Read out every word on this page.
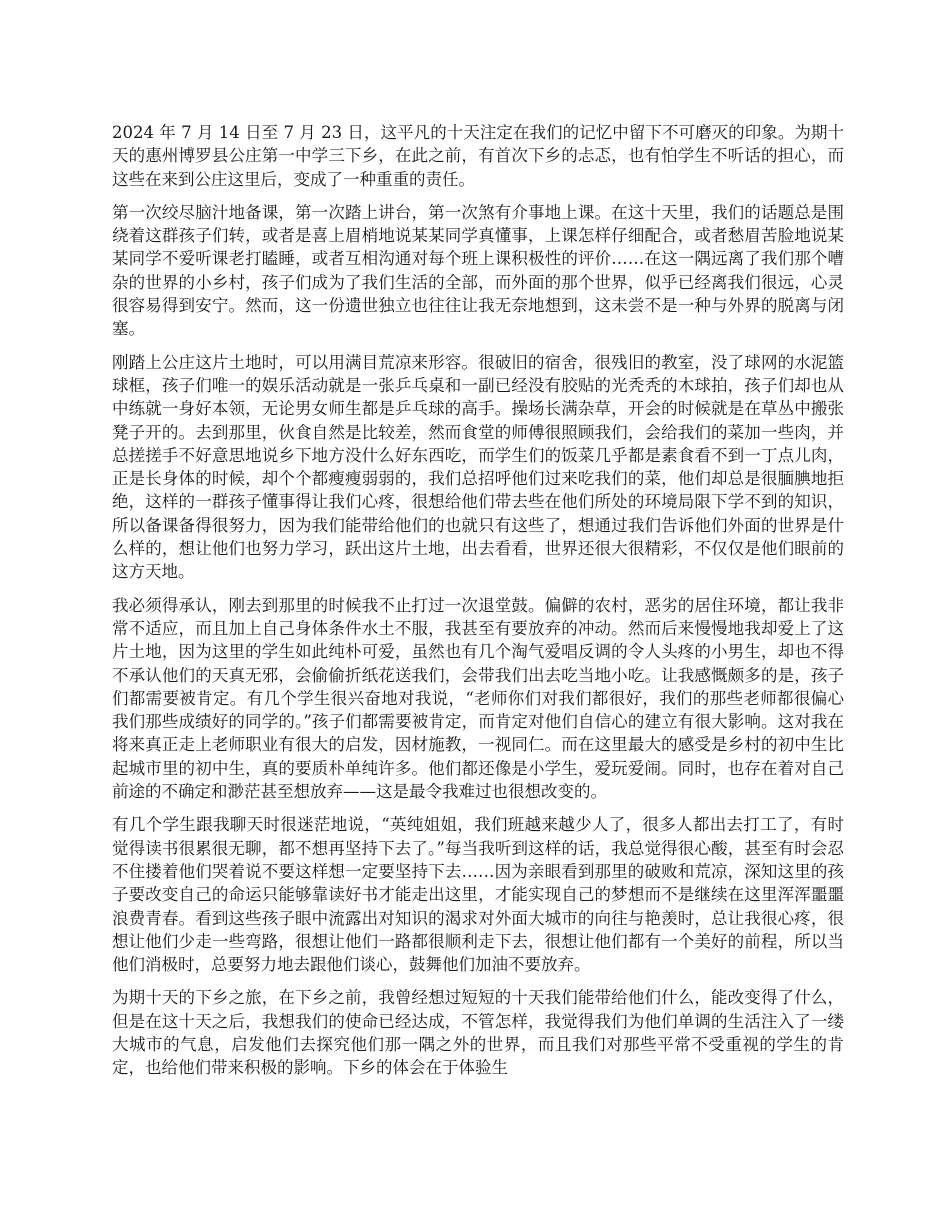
2024 年 7 月 14 日至 7 月 23 日，这平凡的十天注定在我们的记忆中留下不可磨灭的印象。为期十天的惠州博罗县公庄第一中学三下乡，在此之前，有首次下乡的忐忑，也有怕学生不听话的担心，而这些在来到公庄这里后，变成了一种重重的责任。

第一次绞尽脑汁地备课，第一次踏上讲台，第一次煞有介事地上课。在这十天里，我们的话题总是围绕着这群孩子们转，或者是喜上眉梢地说某某同学真懂事，上课怎样仔细配合，或者愁眉苦脸地说某某同学不爱听课老打瞌睡，或者互相沟通对每个班上课积极性的评价……在这一隅远离了我们那个嘈杂的世界的小乡村，孩子们成为了我们生活的全部，而外面的那个世界，似乎已经离我们很远，心灵很容易得到安宁。然而，这一份遗世独立也往往让我无奈地想到，这未尝不是一种与外界的脱离与闭塞。

刚踏上公庄这片土地时，可以用满目荒凉来形容。很破旧的宿舍，很残旧的教室，没了球网的水泥篮球框，孩子们唯一的娱乐活动就是一张乒乓桌和一副已经没有胶贴的光秃秃的木球拍，孩子们却也从中练就一身好本领，无论男女师生都是乒乓球的高手。操场长满杂草，开会的时候就是在草丛中搬张凳子开的。去到那里，伙食自然是比较差，然而食堂的师傅很照顾我们，会给我们的菜加一些肉，并总搓搓手不好意思地说乡下地方没什么好东西吃，而学生们的饭菜几乎都是素食看不到一丁点儿肉，正是长身体的时候，却个个都瘦瘦弱弱的，我们总招呼他们过来吃我们的菜，他们却总是很腼腆地拒绝，这样的一群孩子懂事得让我们心疼，很想给他们带去些在他们所处的环境局限下学不到的知识，所以备课备得很努力，因为我们能带给他们的也就只有这些了，想通过我们告诉他们外面的世界是什么样的，想让他们也努力学习，跃出这片土地，出去看看，世界还很大很精彩，不仅仅是他们眼前的这方天地。

我必须得承认，刚去到那里的时候我不止打过一次退堂鼓。偏僻的农村，恶劣的居住环境，都让我非常不适应，而且加上自己身体条件水土不服，我甚至有要放弃的冲动。然而后来慢慢地我却爱上了这片土地，因为这里的学生如此纯朴可爱，虽然也有几个淘气爱唱反调的令人头疼的小男生，却也不得不承认他们的天真无邪，会偷偷折纸花送我们，会带我们出去吃当地小吃。让我感慨颇多的是，孩子们都需要被肯定。有几个学生很兴奋地对我说，“老师你们对我们都很好，我们的那些老师都很偏心我们那些成绩好的同学的。”孩子们都需要被肯定，而肯定对他们自信心的建立有很大影响。这对我在将来真正走上老师职业有很大的启发，因材施教，一视同仁。而在这里最大的感受是乡村的初中生比起城市里的初中生，真的要质朴单纯许多。他们都还像是小学生，爱玩爱闹。同时，也存在着对自己前途的不确定和渺茫甚至想放弃——这是最令我难过也很想改变的。

有几个学生跟我聊天时很迷茫地说，“英纯姐姐，我们班越来越少人了，很多人都出去打工了，有时觉得读书很累很无聊，都不想再坚持下去了。”每当我听到这样的话，我总觉得很心酸，甚至有时会忍不住搂着他们哭着说不要这样想一定要坚持下去……因为亲眼看到那里的破败和荒凉，深知这里的孩子要改变自己的命运只能够靠读好书才能走出这里，才能实现自己的梦想而不是继续在这里浑浑噩噩浪费青春。看到这些孩子眼中流露出对知识的渴求对外面大城市的向往与艳羡时，总让我很心疼，很想让他们少走一些弯路，很想让他们一路都很顺利走下去，很想让他们都有一个美好的前程，所以当他们消极时，总要努力地去跟他们谈心，鼓舞他们加油不要放弃。

为期十天的下乡之旅，在下乡之前，我曾经想过短短的十天我们能带给他们什么，能改变得了什么，但是在这十天之后，我想我们的使命已经达成，不管怎样，我觉得我们为他们单调的生活注入了一缕大城市的气息，启发他们去探究他们那一隅之外的世界，而且我们对那些平常不受重视的学生的肯定，也给他们带来积极的影响。下乡的体会在于体验生
